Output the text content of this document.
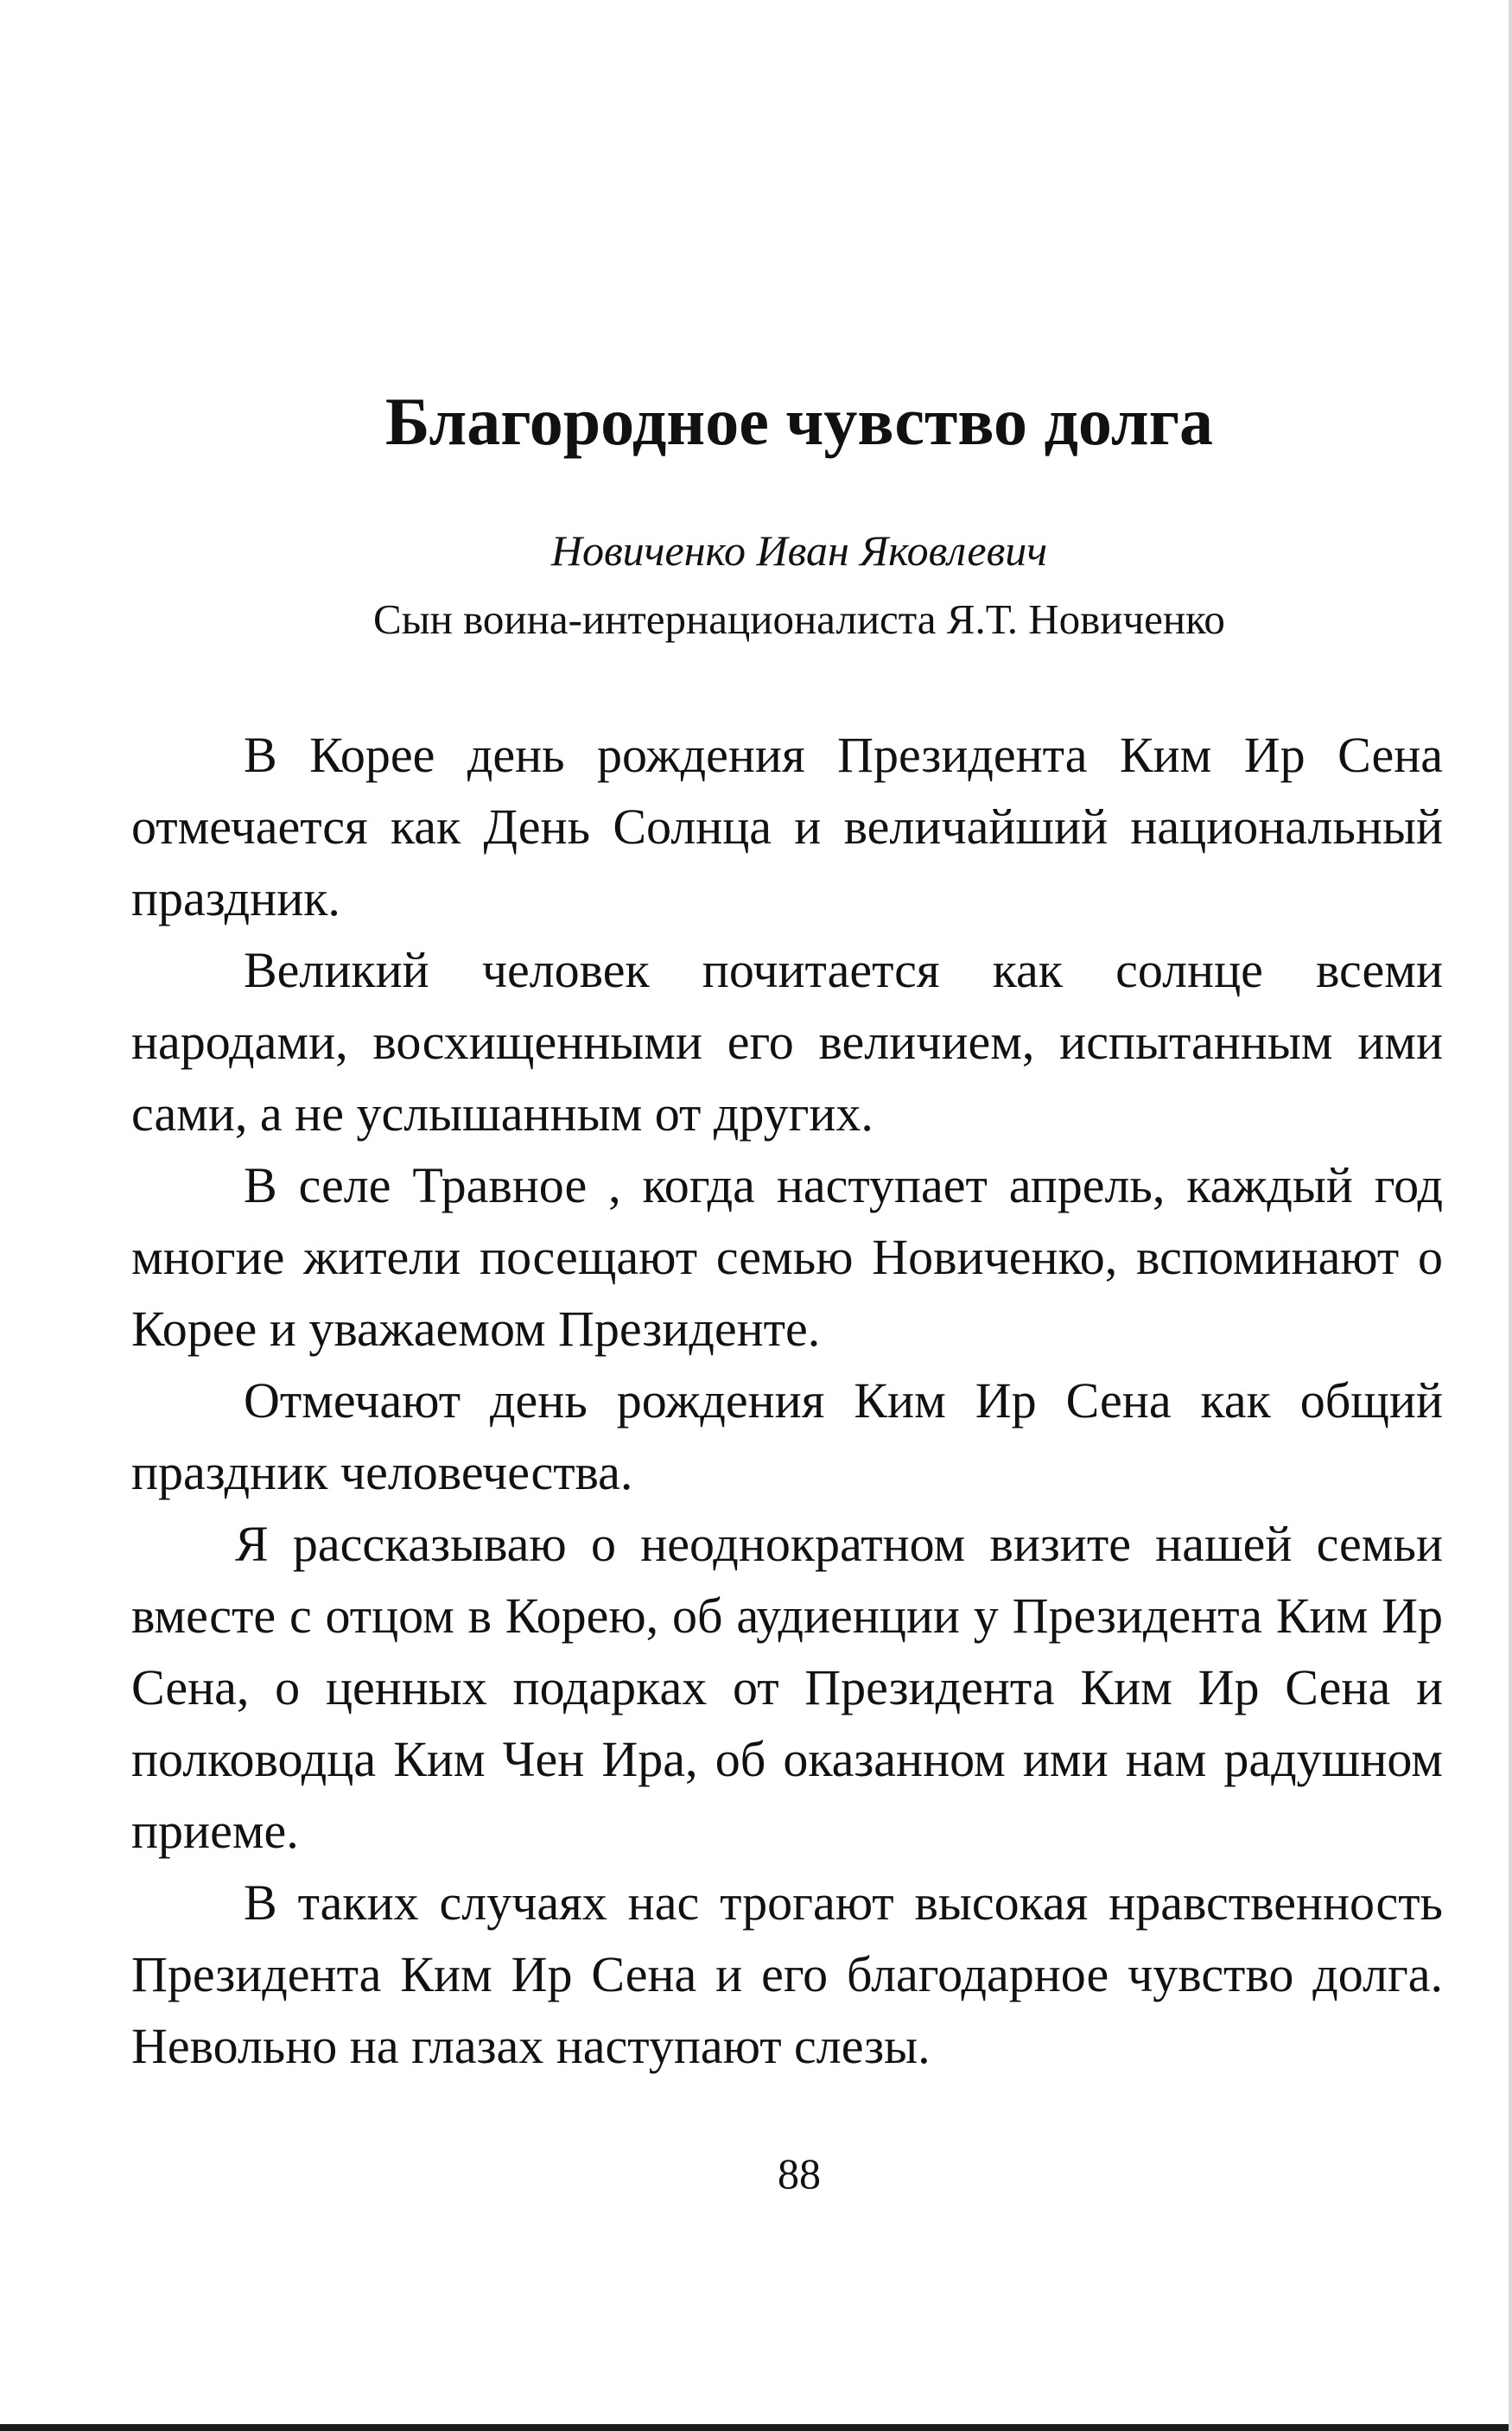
Благородное чувство долга
Новиченко Иван Яковлевич
Сын воина-интернационалиста Я.Т. Новиченко

В Корее день рождения Президента Ким Ир Сена отмечается как День Солнца и величайший национальный праздник.

Великий человек почитается как солнце всеми народами, восхищенными его величием, испытанным ими сами, а не услышанным от других.

В селе Травное , когда наступает апрель, каждый год многие жители посещают семью Новиченко, вспоминают о Корее и уважаемом Президенте.

Отмечают день рождения Ким Ир Сена как общий праздник человечества.

Я рассказываю о неоднократном визите нашей семьи вместе с отцом в Корею, об аудиенции у Президента Ким Ир Сена, о ценных подарках от Президента Ким Ир Сена и полководца Ким Чен Ира, об оказанном ими нам радушном приеме.

В таких случаях нас трогают высокая нравственность Президента Ким Ир Сена и его благодарное чувство долга. Невольно на глазах наступают слезы.

88
